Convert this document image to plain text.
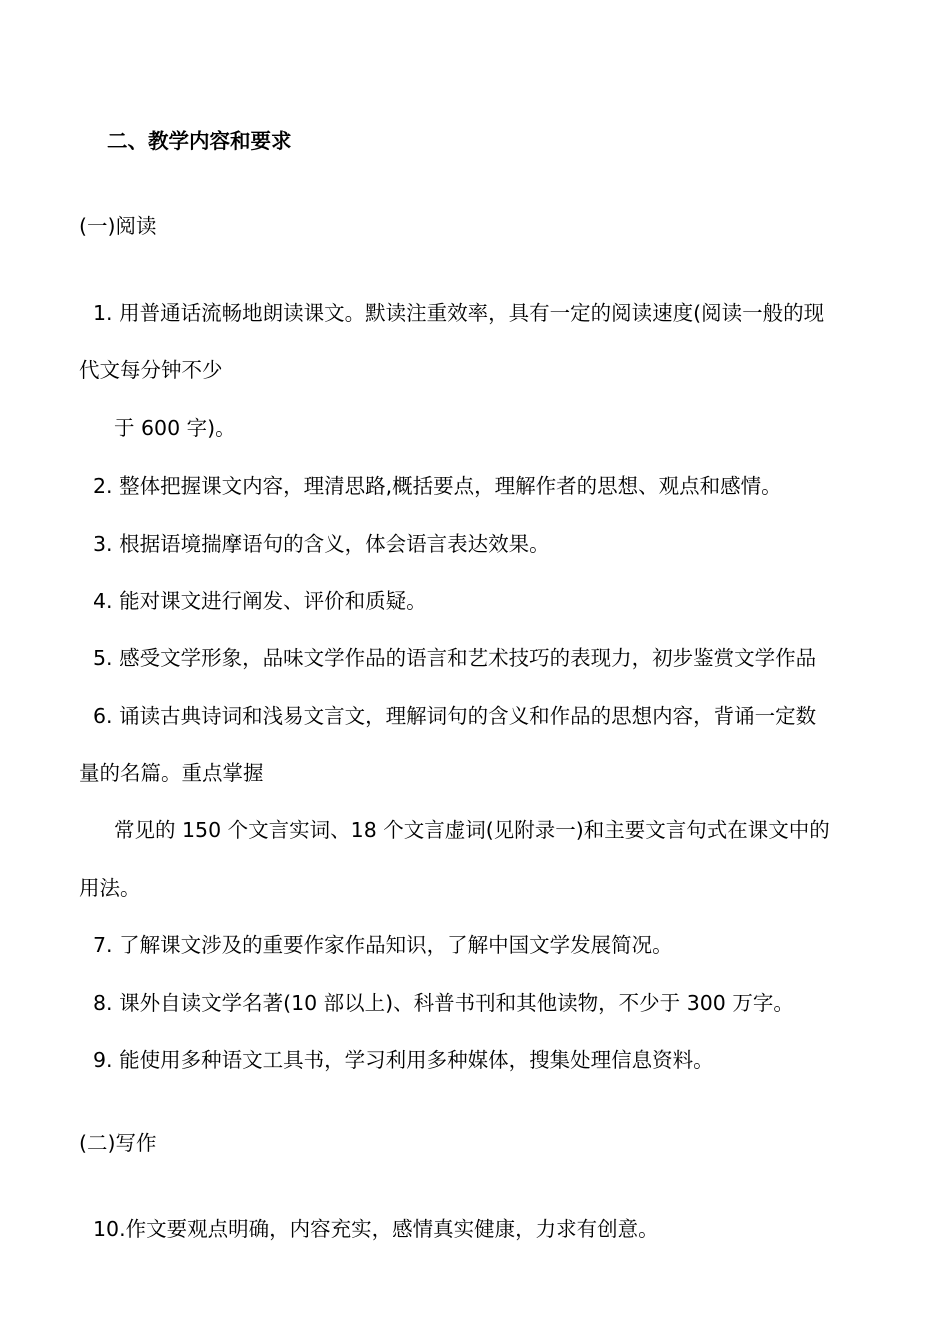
二、教学内容和要求

(一)阅读

1. 用普通话流畅地朗读课文。默读注重效率，具有一定的阅读速度(阅读一般的现

代文每分钟不少

于 600 字)。

2. 整体把握课文内容，理清思路,概括要点，理解作者的思想、观点和感情。

3. 根据语境揣摩语句的含义，体会语言表达效果。

4. 能对课文进行阐发、评价和质疑。

5. 感受文学形象，品味文学作品的语言和艺术技巧的表现力，初步鉴赏文学作品

6. 诵读古典诗词和浅易文言文，理解词句的含义和作品的思想内容，背诵一定数

量的名篇。重点掌握

常见的 150 个文言实词、18 个文言虚词(见附录一)和主要文言句式在课文中的

用法。

7. 了解课文涉及的重要作家作品知识，了解中国文学发展简况。

8. 课外自读文学名著(10 部以上)、科普书刊和其他读物，不少于 300 万字。

9. 能使用多种语文工具书，学习利用多种媒体，搜集处理信息资料。

(二)写作

10.作文要观点明确，内容充实，感情真实健康，力求有创意。
